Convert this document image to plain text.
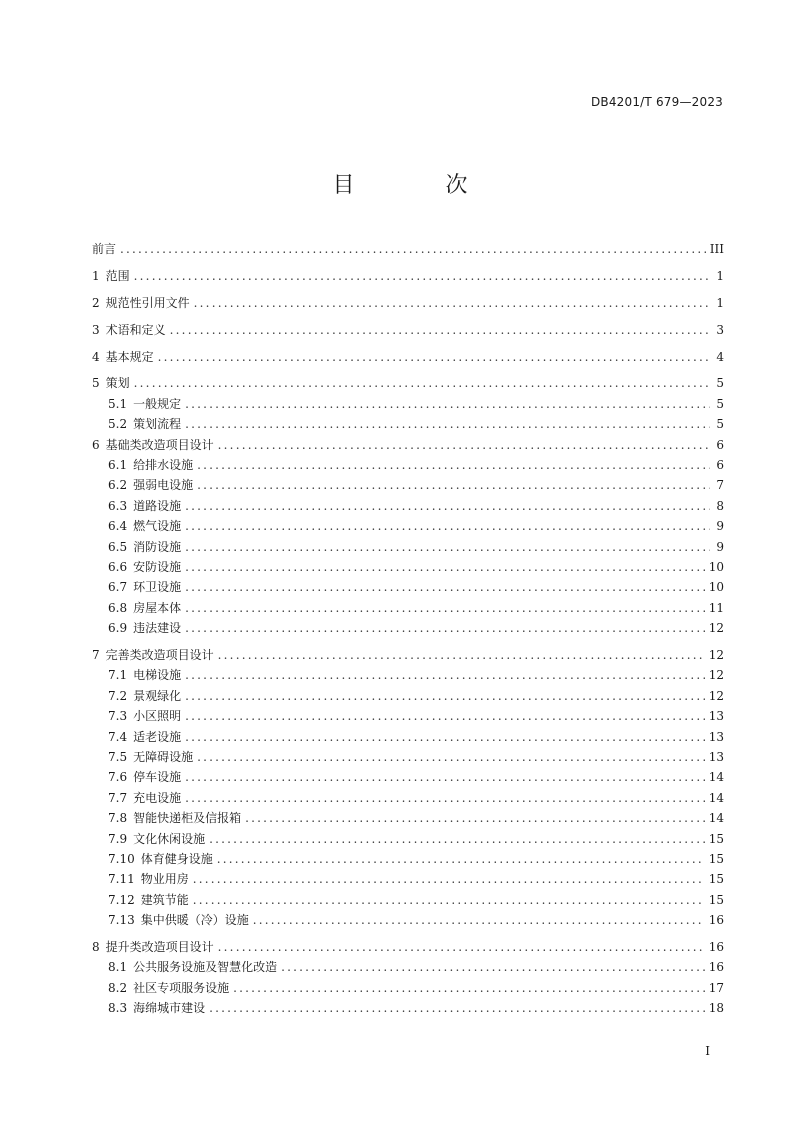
DB4201/T 679—2023
目 次
前言 .....	III
1 范围 .....	1
2 规范性引用文件 .....	1
3 术语和定义 .....	3
4 基本规定 .....	4
5 策划 .....	5
5.1 一般规定 .....	5
5.2 策划流程 .....	5
6 基础类改造项目设计 .....	6
6.1 给排水设施 .....	6
6.2 强弱电设施 .....	7
6.3 道路设施 .....	8
6.4 燃气设施 .....	9
6.5 消防设施 .....	9
6.6 安防设施 .....	10
6.7 环卫设施 .....	10
6.8 房屋本体 .....	11
6.9 违法建设 .....	12
7 完善类改造项目设计 .....	12
7.1 电梯设施 .....	12
7.2 景观绿化 .....	12
7.3 小区照明 .....	13
7.4 适老设施 .....	13
7.5 无障碍设施 .....	13
7.6 停车设施 .....	14
7.7 充电设施 .....	14
7.8 智能快递柜及信报箱 .....	14
7.9 文化休闲设施 .....	15
7.10 体育健身设施 .....	15
7.11 物业用房 .....	15
7.12 建筑节能 .....	15
7.13 集中供暖（冷）设施 .....	16
8 提升类改造项目设计 .....	16
8.1 公共服务设施及智慧化改造 .....	16
8.2 社区专项服务设施 .....	17
8.3 海绵城市建设 .....	18
I
